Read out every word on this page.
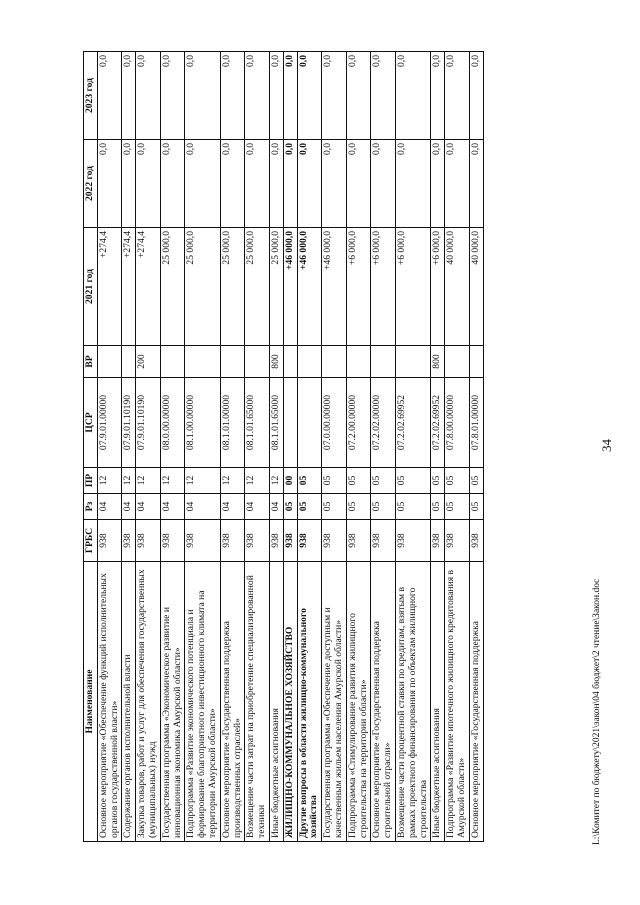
34
Наименование	ГРБС	Рз	ПР	ЦСР	ВР	2021 год	2022 год	2023 год
Основное мероприятие «Обеспечение функций исполнительных органов государственной власти»	938	04	12	07.9.01.00000		+274,4	0,0	0,0
Содержание органов исполнительной власти	938	04	12	07.9.01.10190		+274,4	0,0	0,0
Закупка товаров, работ и услуг для обеспечения государственных (муниципальных) нужд	938	04	12	07.9.01.10190	200	+274,4	0,0	0,0
Государственная программа «Экономическое развитие и инновационная экономика Амурской области»	938	04	12	08.0.00.00000		25 000,0	0,0	0,0
Подпрограмма «Развитие экономического потенциала и формирование благоприятного инвестиционного климата на территории Амурской области»	938	04	12	08.1.00.00000		25 000,0	0,0	0,0
Основное мероприятие «Государственная поддержка производственных отраслей»	938	04	12	08.1.01.00000		25 000,0	0,0	0,0
Возмещение части затрат на приобретение специализированной техники	938	04	12	08.1.01.65000		25 000,0	0,0	0,0
Иные бюджетные ассигнования	938	04	12	08.1.01.65000	800	25 000,0	0,0	0,0
ЖИЛИЩНО-КОММУНАЛЬНОЕ ХОЗЯЙСТВО	938	05	00			+46 000,0	0,0	0,0
Другие вопросы в области жилищно-коммунального хозяйства	938	05	05			+46 000,0	0,0	0,0
Государственная программа «Обеспечение доступным и качественным жильем населения Амурской области»	938	05	05	07.0.00.00000		+46 000,0	0,0	0,0
Подпрограмма «Стимулирование развития жилищного строительства на территории области»	938	05	05	07.2.00.00000		+6 000,0	0,0	0,0
Основное мероприятие «Государственная поддержка строительной отрасли»	938	05	05	07.2.02.00000		+6 000,0	0,0	0,0
Возмещение части процентной ставки по кредитам, взятым в рамках проектного финансирования по объектам жилищного строительства	938	05	05	07.2.02.69952		+6 000,0	0,0	0,0
Иные бюджетные ассигнования	938	05	05	07.2.02.69952	800	+6 000,0	0,0	0,0
Подпрограмма «Развитие ипотечного жилищного кредитования в Амурской области»	938	05	05	07.8.00.00000		40 000,0	0,0	0,0
Основное мероприятие «Государственная поддержка	938	05	05	07.8.01.00000		40 000,0	0,0	0,0
L:\Комитет по бюджету\2021\закон\04 бюджет\2 чтение\Закон.doc
